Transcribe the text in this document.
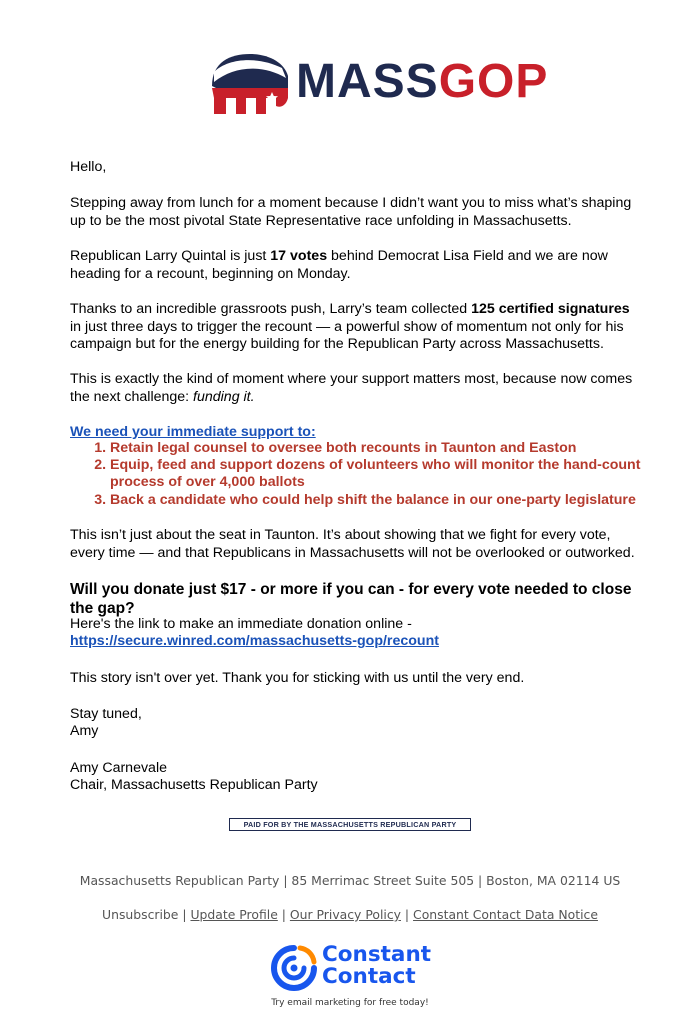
MASSGOP

Hello,

Stepping away from lunch for a moment because I didn’t want you to miss what’s shaping up to be the most pivotal State Representative race unfolding in Massachusetts.

Republican Larry Quintal is just 17 votes behind Democrat Lisa Field and we are now heading for a recount, beginning on Monday.

Thanks to an incredible grassroots push, Larry’s team collected 125 certified signatures in just three days to trigger the recount — a powerful show of momentum not only for his campaign but for the energy building for the Republican Party across Massachusetts.

This is exactly the kind of moment where your support matters most, because now comes the next challenge: funding it.

We need your immediate support to:

1. Retain legal counsel to oversee both recounts in Taunton and Easton
2. Equip, feed and support dozens of volunteers who will monitor the hand-count process of over 4,000 ballots
3. Back a candidate who could help shift the balance in our one-party legislature

This isn’t just about the seat in Taunton. It’s about showing that we fight for every vote, every time — and that Republicans in Massachusetts will not be overlooked or outworked.

Will you donate just $17 - or more if you can - for every vote needed to close the gap?

Here's the link to make an immediate donation online -

https://secure.winred.com/massachusetts-gop/recount

This story isn't over yet. Thank you for sticking with us until the very end.

Stay tuned,

Amy

Amy Carnevale

Chair, Massachusetts Republican Party

PAID FOR BY THE MASSACHUSETTS REPUBLICAN PARTY
Massachusetts Republican Party | 85 Merrimac Street Suite 505 | Boston, MA 02114 US
Unsubscribe | Update Profile | Our Privacy Policy | Constant Contact Data Notice
Constant
Contact
Try email marketing for free today!
